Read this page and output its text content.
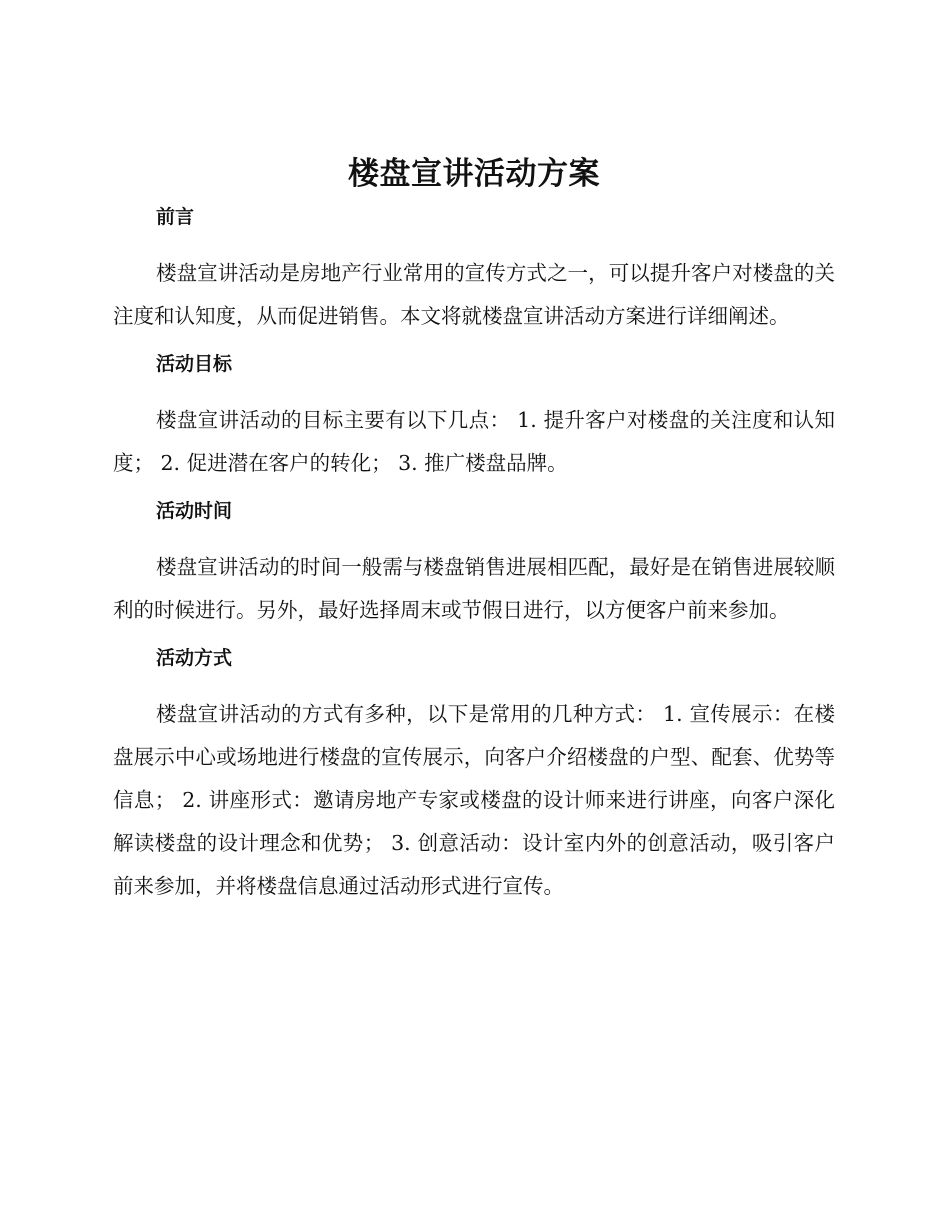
楼盘宣讲活动方案
前言

楼盘宣讲活动是房地产行业常用的宣传方式之一，可以提升客户对楼盘的关注度和认知度，从而促进销售。本文将就楼盘宣讲活动方案进行详细阐述。

活动目标

楼盘宣讲活动的目标主要有以下几点： 1. 提升客户对楼盘的关注度和认知度； 2. 促进潜在客户的转化； 3. 推广楼盘品牌。

活动时间

楼盘宣讲活动的时间一般需与楼盘销售进展相匹配，最好是在销售进展较顺利的时候进行。另外，最好选择周末或节假日进行，以方便客户前来参加。

活动方式

楼盘宣讲活动的方式有多种，以下是常用的几种方式： 1. 宣传展示：在楼盘展示中心或场地进行楼盘的宣传展示，向客户介绍楼盘的户型、配套、优势等信息； 2. 讲座形式：邀请房地产专家或楼盘的设计师来进行讲座，向客户深化解读楼盘的设计理念和优势； 3. 创意活动：设计室内外的创意活动，吸引客户前来参加，并将楼盘信息通过活动形式进行宣传。
